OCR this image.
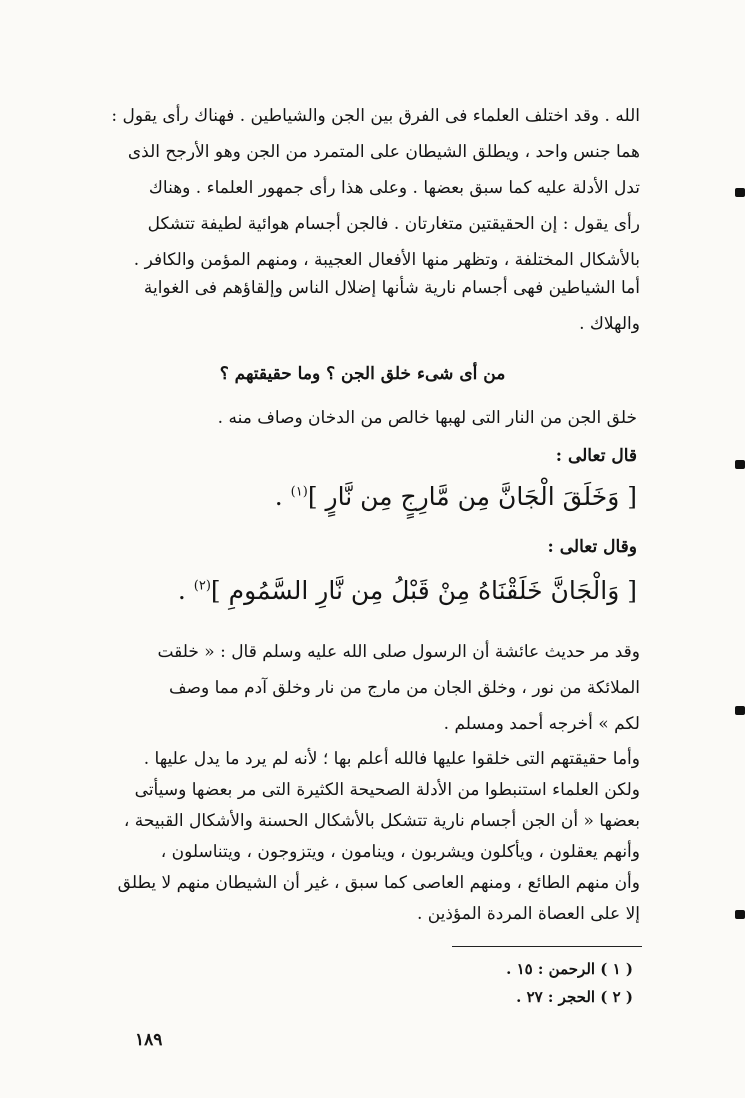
الله . وقد اختلف العلماء فى الفرق بين الجن والشياطين . فهناك رأى يقول :
هما جنس واحد ، ويطلق الشيطان على المتمرد من الجن وهو الأرجح الذى
تدل الأدلة عليه كما سبق بعضها . وعلى هذا رأى جمهور العلماء . وهناك
رأى يقول : إن الحقيقتين متغارتان . فالجن أجسام هوائية لطيفة تتشكل
بالأشكال المختلفة ، وتظهر منها الأفعال العجيبة ، ومنهم المؤمن والكافر .
أما الشياطين فهى أجسام نارية شأنها إضلال الناس وإلقاؤهم فى الغواية
والهلاك .
من أى شىء خلق الجن ؟ وما حقيقتهم ؟
خلق الجن من النار التى لهبها خالص من الدخان وصاف منه .
قال تعالى :
[ وَخَلَقَ الْجَانَّ مِن مَّارِجٍ مِن نَّارٍ ]$^{(١)}$ .
وقال تعالى :
[ وَالْجَانَّ خَلَقْنَاهُ مِنْ قَبْلُ مِن نَّارِ السَّمُومِ ]$^{(٢)}$ .
وقد مر حديث عائشة أن الرسول صلى الله عليه وسلم قال : « خلقت
الملائكة من نور ، وخلق الجان من مارج من نار وخلق آدم مما وصف
لكم » أخرجه أحمد ومسلم .
وأما حقيقتهم التى خلقوا عليها فالله أعلم بها ؛ لأنه لم يرد ما يدل عليها .
ولكن العلماء استنبطوا من الأدلة الصحيحة الكثيرة التى مر بعضها وسيأتى
بعضها « أن الجن أجسام نارية تتشكل بالأشكال الحسنة والأشكال القبيحة ،
وأنهم يعقلون ، ويأكلون ويشربون ، وينامون ، ويتزوجون ، ويتناسلون ،
وأن منهم الطائع ، ومنهم العاصى كما سبق ، غير أن الشيطان منهم لا يطلق
إلا على العصاة المردة المؤذين .
( ١ ) الرحمن : ١٥ .
( ٢ ) الحجر : ٢٧ .
١٨٩
